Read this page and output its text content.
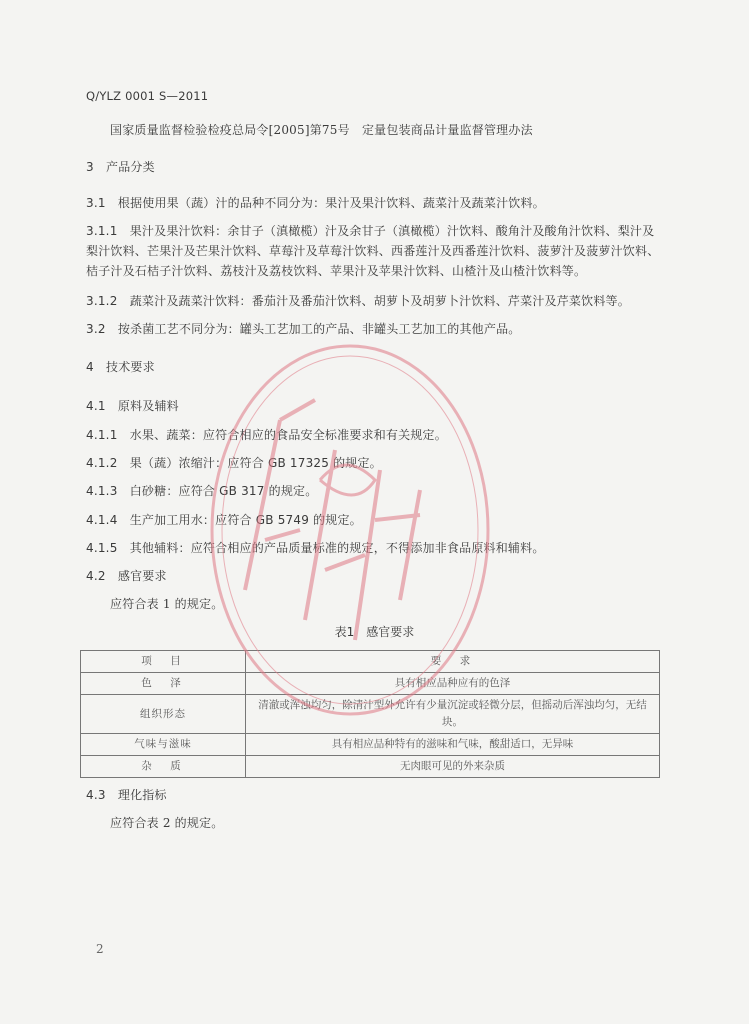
Q/YLZ 0001 S—2011
国家质量监督检验检疫总局令[2005]第75号　定量包装商品计量监督管理办法
3　产品分类
3.1　根据使用果（蔬）汁的品种不同分为：果汁及果汁饮料、蔬菜汁及蔬菜汁饮料。
3.1.1　果汁及果汁饮料：余甘子（滇橄榄）汁及余甘子（滇橄榄）汁饮料、酸角汁及酸角汁饮料、梨汁及梨汁饮料、芒果汁及芒果汁饮料、草莓汁及草莓汁饮料、西番莲汁及西番莲汁饮料、菠萝汁及菠萝汁饮料、桔子汁及石桔子汁饮料、荔枝汁及荔枝饮料、苹果汁及苹果汁饮料、山楂汁及山楂汁饮料等。
3.1.2　蔬菜汁及蔬菜汁饮料：番茄汁及番茄汁饮料、胡萝卜及胡萝卜汁饮料、芹菜汁及芹菜饮料等。
3.2　按杀菌工艺不同分为：罐头工艺加工的产品、非罐头工艺加工的其他产品。
4　技术要求
4.1　原料及辅料
4.1.1　水果、蔬菜：应符合相应的食品安全标准要求和有关规定。
4.1.2　果（蔬）浓缩汁：应符合 GB 17325 的规定。
4.1.3　白砂糖：应符合 GB 317 的规定。
4.1.4　生产加工用水：应符合 GB 5749 的规定。
4.1.5　其他辅料：应符合相应的产品质量标准的规定，不得添加非食品原料和辅料。
4.2　感官要求
应符合表 1 的规定。
表1　感官要求
项　目	要　求
色　泽	具有相应品种应有的色泽
组织形态	清澈或浑浊均匀，除清汁型外允许有少量沉淀或轻微分层，但摇动后浑浊均匀，无结块。
气味与滋味	具有相应品种特有的滋味和气味，酸甜适口，无异味
杂　质	无肉眼可见的外来杂质
4.3　理化指标
应符合表 2 的规定。
2
